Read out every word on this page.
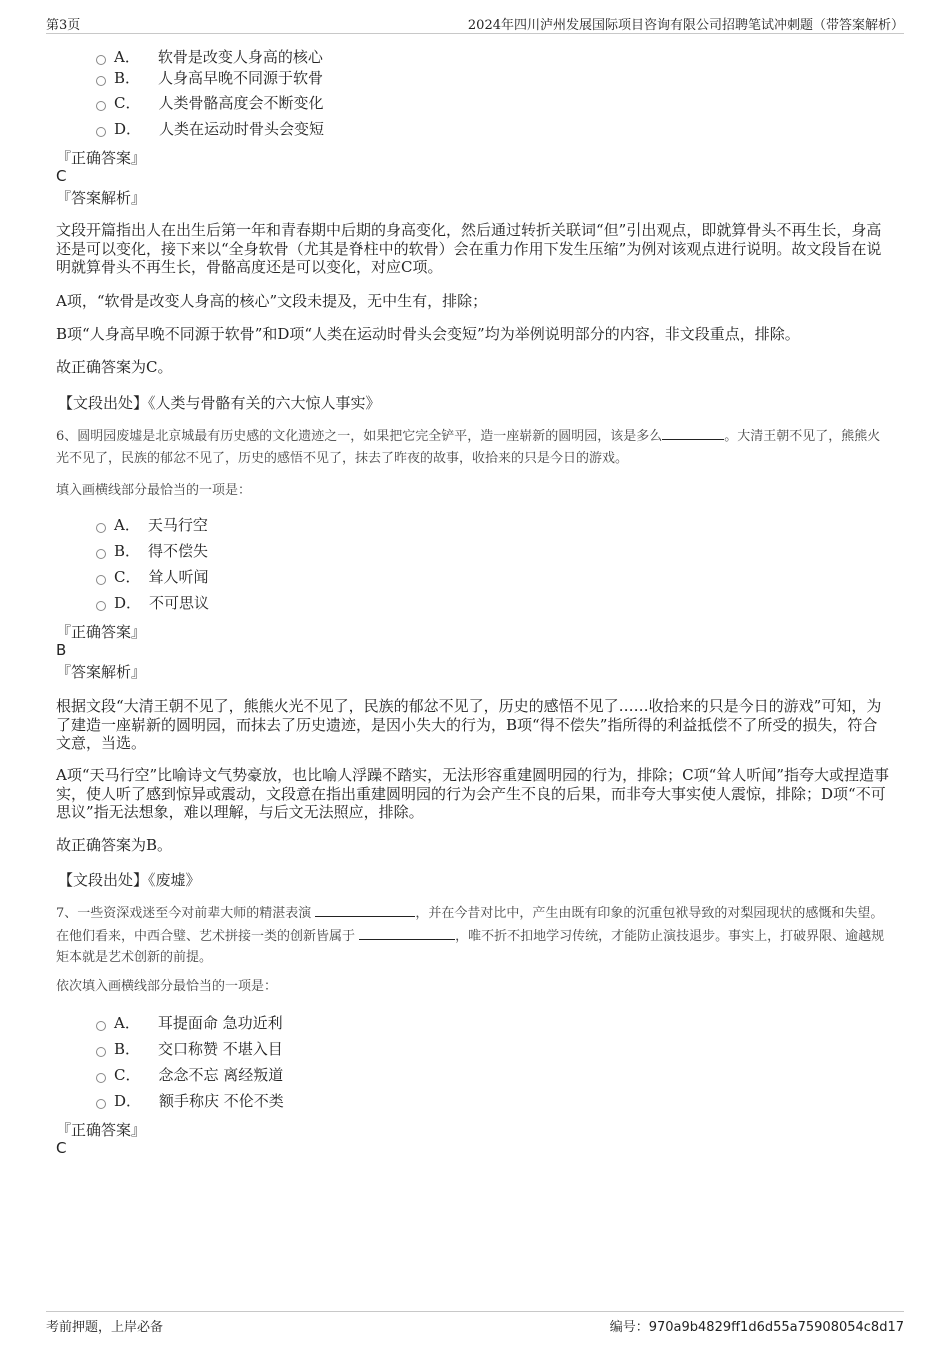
第3页	2024年四川泸州发展国际项目咨询有限公司招聘笔试冲刺题（带答案解析）
A． 软骨是改变人身高的核心
B． 人身高早晚不同源于软骨
C． 人类骨骼高度会不断变化
D． 人类在运动时骨头会变短
『正确答案』
C
『答案解析』
文段开篇指出人在出生后第一年和青春期中后期的身高变化，然后通过转折关联词“但”引出观点，即就算骨头不再生长，身高还是可以变化，接下来以“全身软骨（尤其是脊柱中的软骨）会在重力作用下发生压缩”为例对该观点进行说明。故文段旨在说明就算骨头不再生长，骨骼高度还是可以变化，对应C项。
A项，“软骨是改变人身高的核心”文段未提及，无中生有，排除；
B项“人身高早晚不同源于软骨”和D项“人类在运动时骨头会变短”均为举例说明部分的内容，非文段重点，排除。
故正确答案为C。
【文段出处】《人类与骨骼有关的六大惊人事实》
6、圆明园废墟是北京城最有历史感的文化遗迹之一，如果把它完全铲平，造一座崭新的圆明园，该是多么	。大清王朝不见了，熊熊火光不见了，民族的郁忿不见了，历史的感悟不见了，抹去了昨夜的故事，收拾来的只是今日的游戏。
填入画横线部分最恰当的一项是：
A． 天马行空
B． 得不偿失
C． 耸人听闻
D． 不可思议
『正确答案』
B
『答案解析』
根据文段“大清王朝不见了，熊熊火光不见了，民族的郁忿不见了，历史的感悟不见了……收拾来的只是今日的游戏”可知，为了建造一座崭新的圆明园，而抹去了历史遗迹，是因小失大的行为，B项“得不偿失”指所得的利益抵偿不了所受的损失，符合文意，当选。
A项“天马行空”比喻诗文气势豪放，也比喻人浮躁不踏实，无法形容重建圆明园的行为，排除；C项“耸人听闻”指夸大或捏造事实，使人听了感到惊异或震动，文段意在指出重建圆明园的行为会产生不良的后果，而非夸大事实使人震惊，排除；D项“不可思议”指无法想象，难以理解，与后文无法照应，排除。
故正确答案为B。
【文段出处】《废墟》
7、一些资深戏迷至今对前辈大师的精湛表演	，并在今昔对比中，产生由既有印象的沉重包袱导致的对梨园现状的感慨和失望。在他们看来，中西合璧、艺术拼接一类的创新皆属于	，唯不折不扣地学习传统，才能防止演技退步。事实上，打破界限、逾越规矩本就是艺术创新的前提。
依次填入画横线部分最恰当的一项是：
A． 耳提面命 急功近利
B． 交口称赞 不堪入目
C． 念念不忘 离经叛道
D． 额手称庆 不伦不类
『正确答案』
C
考前押题，上岸必备	编号：970a9b4829ff1d6d55a75908054c8d17
